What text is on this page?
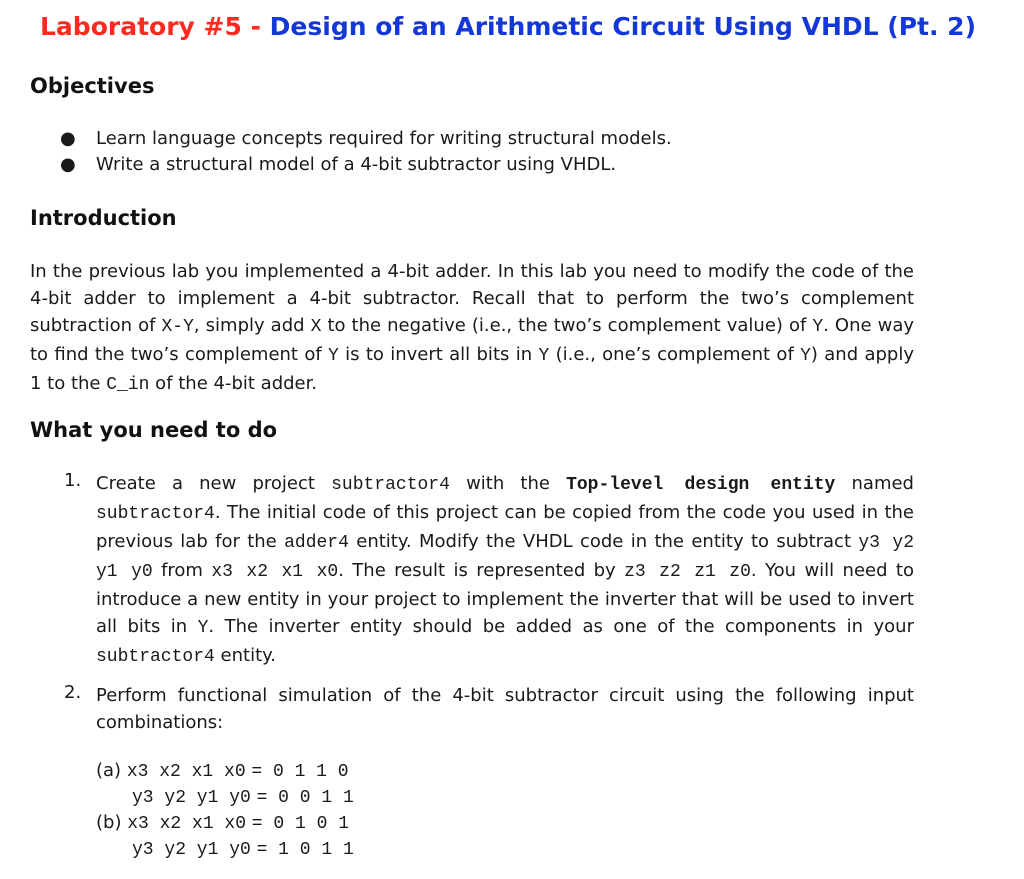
Laboratory #5 - Design of an Arithmetic Circuit Using VHDL (Pt. 2)
Objectives
● Learn language concepts required for writing structural models.
● Write a structural model of a 4-bit subtractor using VHDL.
Introduction
In the previous lab you implemented a 4-bit adder. In this lab you need to modify the code of the 4-bit adder to implement a 4-bit subtractor. Recall that to perform the two’s complement subtraction of X-Y, simply add X to the negative (i.e., the two’s complement value) of Y. One way to find the two’s complement of Y is to invert all bits in Y (i.e., one’s complement of Y) and apply 1 to the C_in of the 4-bit adder.
What you need to do
1. Create a new project subtractor4 with the Top-level design entity named subtractor4. The initial code of this project can be copied from the code you used in the previous lab for the adder4 entity. Modify the VHDL code in the entity to subtract y3 y2 y1 y0 from x3 x2 x1 x0. The result is represented by z3 z2 z1 z0. You will need to introduce a new entity in your project to implement the inverter that will be used to invert all bits in Y. The inverter entity should be added as one of the components in your subtractor4 entity.
2. Perform functional simulation of the 4-bit subtractor circuit using the following input combinations:
(a) x3 x2 x1 x0 = 0 1 1 0
y3 y2 y1 y0 = 0 0 1 1
(b) x3 x2 x1 x0 = 0 1 0 1
y3 y2 y1 y0 = 1 0 1 1
